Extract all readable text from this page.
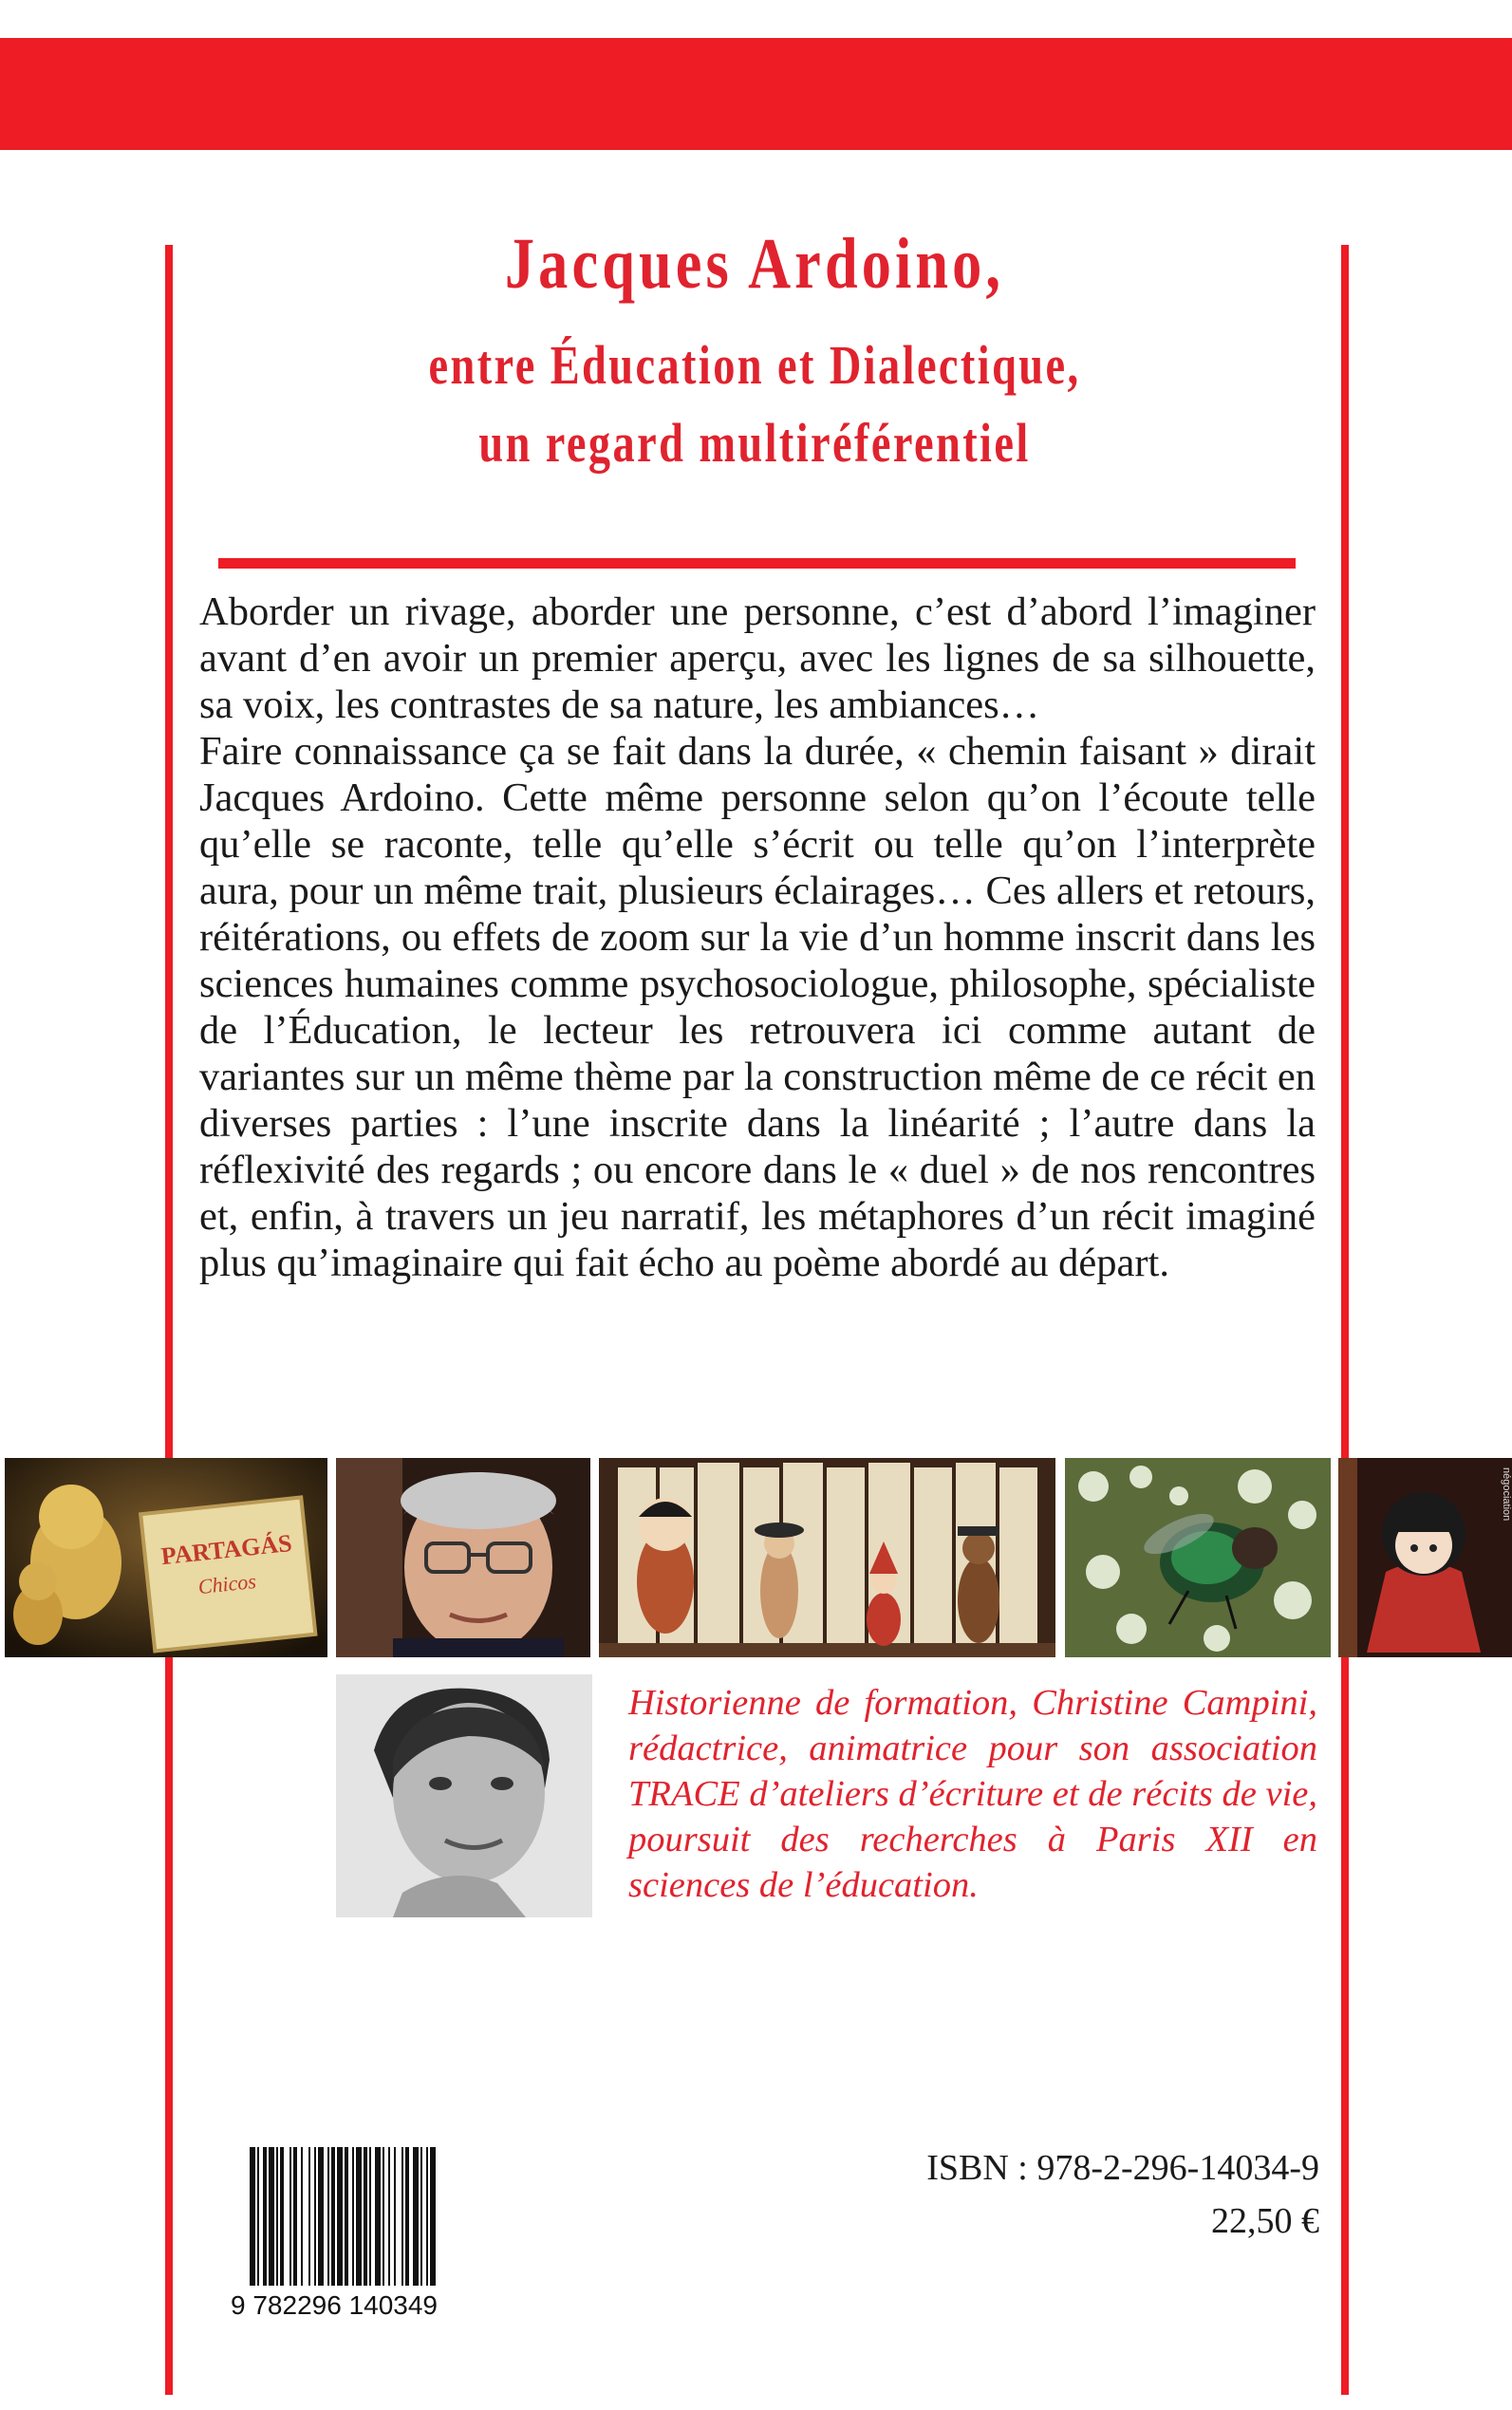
Jacques Ardoino,
entre Éducation et Dialectique,
un regard multiréférentiel

Aborder un rivage, aborder une personne, c’est d’abord l’imaginer avant d’en avoir un premier aperçu, avec les lignes de sa silhouette, sa voix, les contrastes de sa nature, les ambiances…

Faire connaissance ça se fait dans la durée, « chemin faisant » dirait Jacques Ardoino. Cette même personne selon qu’on l’écoute telle qu’elle se raconte, telle qu’elle s’écrit ou telle qu’on l’interprète aura, pour un même trait, plusieurs éclairages… Ces allers et retours, réitérations, ou effets de zoom sur la vie d’un homme inscrit dans les sciences humaines comme psychosociologue, philosophe, spécialiste de l’Éducation, le lecteur les retrouvera ici comme autant de variantes sur un même thème par la construction même de ce récit en diverses parties : l’une inscrite dans la linéarité ; l’autre dans la réflexivité des regards ; ou encore dans le « duel » de nos rencontres et, enfin, à travers un jeu narratif, les métaphores d’un récit imaginé plus qu’imaginaire qui fait écho au poème abordé au départ.

PARTAGÁS
Chicos
négociation
Historienne de formation, Christine Campini, rédactrice, animatrice pour son association TRACE d’ateliers d’écriture et de récits de vie, poursuit des recherches à Paris XII en sciences de l’éducation.
9 782296 140349
ISBN : 978-2-296-14034-9
22,50 €
